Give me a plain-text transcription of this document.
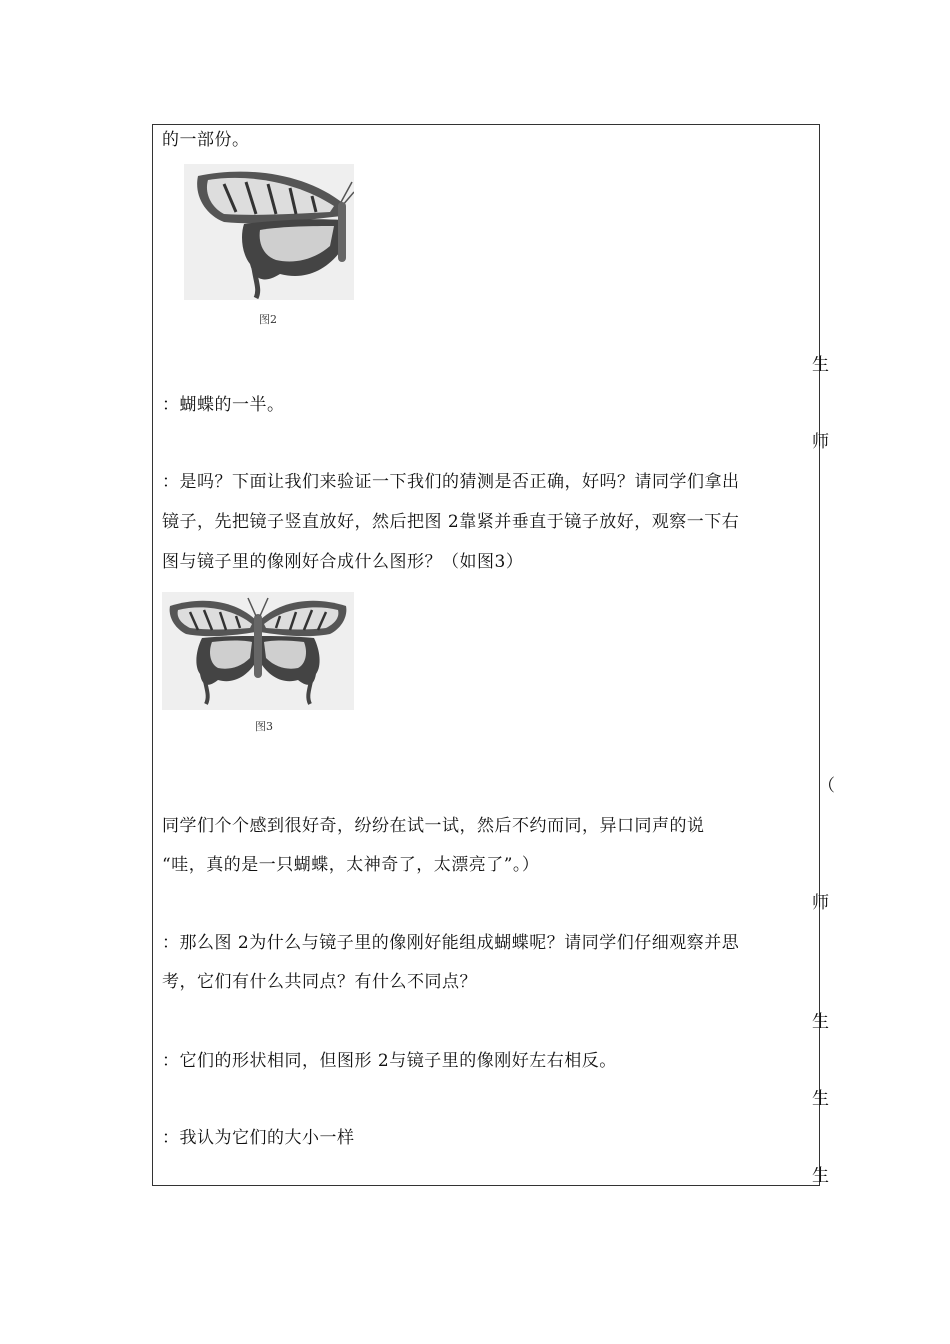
的一部份。
图2
生
：蝴蝶的一半。
师
：是吗？下面让我们来验证一下我们的猜测是否正确，好吗？请同学们拿出
镜子，先把镜子竖直放好，然后把图 2靠紧并垂直于镜子放好，观察一下右
图与镜子里的像刚好合成什么图形？（如图3）
图3
（
同学们个个感到很好奇，纷纷在试一试，然后不约而同，异口同声的说
“哇，真的是一只蝴蝶，太神奇了，太漂亮了”。）
师
：那么图 2为什么与镜子里的像刚好能组成蝴蝶呢？请同学们仔细观察并思
考，它们有什么共同点？有什么不同点？
生
：它们的形状相同，但图形 2与镜子里的像刚好左右相反。
生
：我认为它们的大小一样
生
